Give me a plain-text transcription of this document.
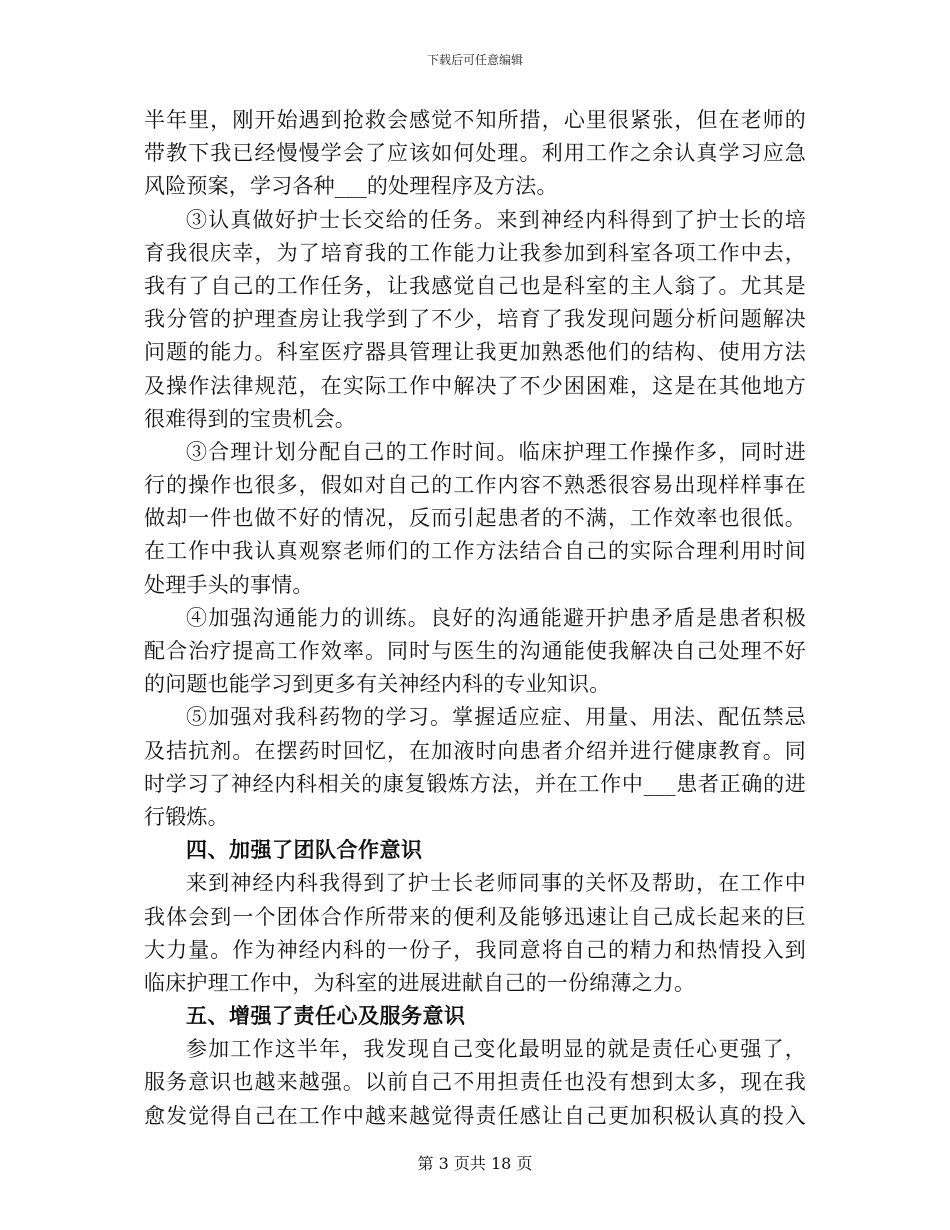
下载后可任意编辑
半年里，刚开始遇到抢救会感觉不知所措，心里很紧张，但在老师的
带教下我已经慢慢学会了应该如何处理。利用工作之余认真学习应急
风险预案，学习各种___的处理程序及方法。
③认真做好护士长交给的任务。来到神经内科得到了护士长的培
育我很庆幸，为了培育我的工作能力让我参加到科室各项工作中去，
我有了自己的工作任务，让我感觉自己也是科室的主人翁了。尤其是
我分管的护理查房让我学到了不少，培育了我发现问题分析问题解决
问题的能力。科室医疗器具管理让我更加熟悉他们的结构、使用方法
及操作法律规范，在实际工作中解决了不少困困难，这是在其他地方
很难得到的宝贵机会。
③合理计划分配自己的工作时间。临床护理工作操作多，同时进
行的操作也很多，假如对自己的工作内容不熟悉很容易出现样样事在
做却一件也做不好的情况，反而引起患者的不满，工作效率也很低。
在工作中我认真观察老师们的工作方法结合自己的实际合理利用时间
处理手头的事情。
④加强沟通能力的训练。良好的沟通能避开护患矛盾是患者积极
配合治疗提高工作效率。同时与医生的沟通能使我解决自己处理不好
的问题也能学习到更多有关神经内科的专业知识。
⑤加强对我科药物的学习。掌握适应症、用量、用法、配伍禁忌
及拮抗剂。在摆药时回忆，在加液时向患者介绍并进行健康教育。同
时学习了神经内科相关的康复锻炼方法，并在工作中___患者正确的进
行锻炼。
四、加强了团队合作意识
来到神经内科我得到了护士长老师同事的关怀及帮助，在工作中
我体会到一个团体合作所带来的便利及能够迅速让自己成长起来的巨
大力量。作为神经内科的一份子，我同意将自己的精力和热情投入到
临床护理工作中，为科室的进展进献自己的一份绵薄之力。
五、增强了责任心及服务意识
参加工作这半年，我发现自己变化最明显的就是责任心更强了，
服务意识也越来越强。以前自己不用担责任也没有想到太多，现在我
愈发觉得自己在工作中越来越觉得责任感让自己更加积极认真的投入
第 3 页共 18 页
